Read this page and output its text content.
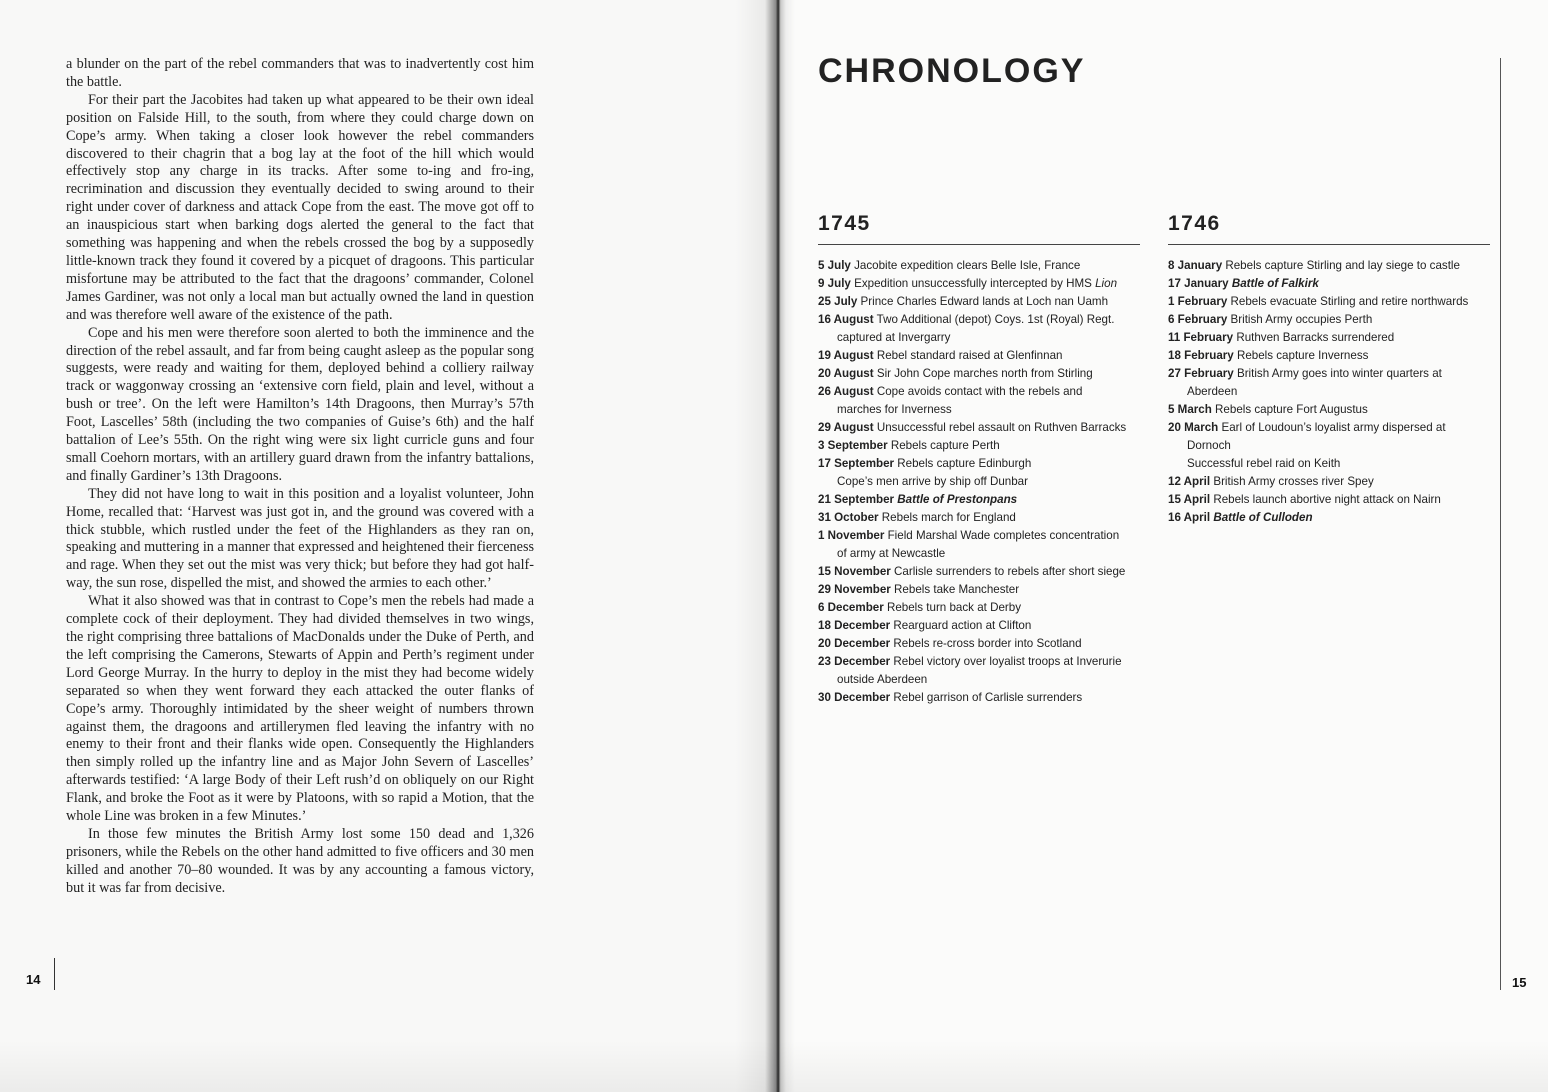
a blunder on the part of the rebel commanders that was to inadvertently cost him the battle.

For their part the Jacobites had taken up what appeared to be their own ideal position on Falside Hill, to the south, from where they could charge down on Cope’s army. When taking a closer look however the rebel commanders discovered to their chagrin that a bog lay at the foot of the hill which would effectively stop any charge in its tracks. After some to-ing and fro-ing, recrimination and discussion they eventually decided to swing around to their right under cover of darkness and attack Cope from the east. The move got off to an inauspicious start when barking dogs alerted the general to the fact that something was happening and when the rebels crossed the bog by a supposedly little-known track they found it covered by a picquet of dragoons. This particular misfortune may be attributed to the fact that the dragoons’ commander, Colonel James Gardiner, was not only a local man but actually owned the land in question and was therefore well aware of the existence of the path.

Cope and his men were therefore soon alerted to both the imminence and the direction of the rebel assault, and far from being caught asleep as the popular song suggests, were ready and waiting for them, deployed behind a colliery railway track or waggonway crossing an ‘extensive corn field, plain and level, without a bush or tree’. On the left were Hamilton’s 14th Dragoons, then Murray’s 57th Foot, Lascelles’ 58th (including the two companies of Guise’s 6th) and the half battalion of Lee’s 55th. On the right wing were six light curricle guns and four small Coehorn mortars, with an artillery guard drawn from the infantry battalions, and finally Gardiner’s 13th Dragoons.

They did not have long to wait in this position and a loyalist volunteer, John Home, recalled that: ‘Harvest was just got in, and the ground was covered with a thick stubble, which rustled under the feet of the Highlanders as they ran on, speaking and muttering in a manner that expressed and heightened their fierceness and rage. When they set out the mist was very thick; but before they had got half-way, the sun rose, dispelled the mist, and showed the armies to each other.’

What it also showed was that in contrast to Cope’s men the rebels had made a complete cock of their deployment. They had divided themselves in two wings, the right comprising three battalions of MacDonalds under the Duke of Perth, and the left comprising the Camerons, Stewarts of Appin and Perth’s regiment under Lord George Murray. In the hurry to deploy in the mist they had become widely separated so when they went forward they each attacked the outer flanks of Cope’s army. Thoroughly intimidated by the sheer weight of numbers thrown against them, the dragoons and artillerymen fled leaving the infantry with no enemy to their front and their flanks wide open. Consequently the Highlanders then simply rolled up the infantry line and as Major John Severn of Lascelles’ afterwards testified: ‘A large Body of their Left rush’d on obliquely on our Right Flank, and broke the Foot as it were by Platoons, with so rapid a Motion, that the whole Line was broken in a few Minutes.’

In those few minutes the British Army lost some 150 dead and 1,326 prisoners, while the Rebels on the other hand admitted to five officers and 30 men killed and another 70–80 wounded. It was by any accounting a famous victory, but it was far from decisive.

14
CHRONOLOGY
1745
5 July Jacobite expedition clears Belle Isle, France
9 July Expedition unsuccessfully intercepted by HMS Lion
25 July Prince Charles Edward lands at Loch nan Uamh
16 August Two Additional (depot) Coys. 1st (Royal) Regt.
captured at Invergarry
19 August Rebel standard raised at Glenfinnan
20 August Sir John Cope marches north from Stirling
26 August Cope avoids contact with the rebels and
marches for Inverness
29 August Unsuccessful rebel assault on Ruthven Barracks
3 September Rebels capture Perth
17 September Rebels capture Edinburgh
Cope’s men arrive by ship off Dunbar
21 September Battle of Prestonpans
31 October Rebels march for England
1 November Field Marshal Wade completes concentration
of army at Newcastle
15 November Carlisle surrenders to rebels after short siege
29 November Rebels take Manchester
6 December Rebels turn back at Derby
18 December Rearguard action at Clifton
20 December Rebels re-cross border into Scotland
23 December Rebel victory over loyalist troops at Inverurie
outside Aberdeen
30 December Rebel garrison of Carlisle surrenders
1746
8 January Rebels capture Stirling and lay siege to castle
17 January Battle of Falkirk
1 February Rebels evacuate Stirling and retire northwards
6 February British Army occupies Perth
11 February Ruthven Barracks surrendered
18 February Rebels capture Inverness
27 February British Army goes into winter quarters at
Aberdeen
5 March Rebels capture Fort Augustus
20 March Earl of Loudoun’s loyalist army dispersed at
Dornoch
Successful rebel raid on Keith
12 April British Army crosses river Spey
15 April Rebels launch abortive night attack on Nairn
16 April Battle of Culloden
15
